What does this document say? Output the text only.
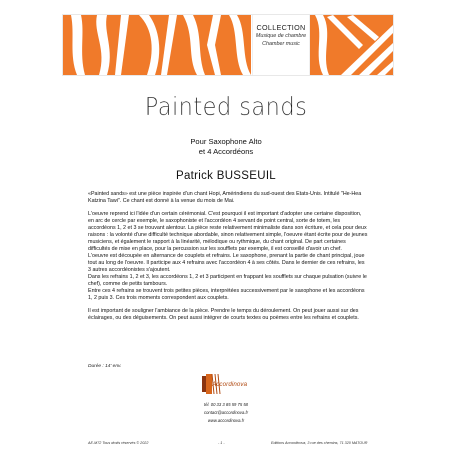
COLLECTION
Musique de chambre
Chamber music
Painted sands
Pour Saxophone Alto
et 4 Accordéons
Patrick BUSSEUIL

«Painted sands» est une pièce inspirée d'un chant Hopi, Amérindiens du sud-ouest des Etats-Unis. Intitulé "He-Hea Katzina Tawi". Ce chant est donné à la venue du mois de Mai.

L'oeuvre reprend ici l'idée d'un certain cérémonial. C'est pourquoi il est important d'adopter une certaine disposition, en arc de cercle par exemple, le saxophoniste et l'accordéon 4 servant de point central, sorte de totem, les accordéons 1, 2 et 3 se trouvant alentour. La pièce reste relativement minimaliste dans son écriture, et cela pour deux raisons : la volonté d'une difficulté technique abordable, sinon relativement simple, l'oeuvre étant écrite pour de jeunes musiciens, et également le rapport à la linéarité, mélodique ou rythmique, du chant original. De part certaines difficultés de mise en place, pour la percussion sur les soufflets par exemple, il est conseillé d'avoir un chef.

L'oeuvre est découpée en alternance de couplets et refrains. Le saxophone, prenant la partie de chant principal, joue tout au long de l'oeuvre. Il participe aux 4 refrains avec l'accordéon 4 à ses côtés. Dans le dernier de ces refrains, les 3 autres accordéonistes s'ajoutent.

Dans les refrains 1, 2 et 3, les accordéons 1, 2 et 3 participent en frappant les soufflets sur chaque pulsation (suivre le chef), comme de petits tambours.

Entre ces 4 refrains se trouvent trois petites pièces, interprétées successivement par le saxophone et les accordéons 1, 2 puis 3. Ces trois moments correspondent aux couplets.

Il est important de souligner l'ambiance de la pièce. Prendre le temps du déroulement. On peut jouer aussi sur des éclairages, ou des déguisements. On peut aussi intégrer de courts textes ou poèmes entre les refrains et couplets.

Durée : 14' env.
Accordinova
tél. 00 33 3 85 59 75 58
contact@accordinova.fr
www.accordinova.fr
AE-M72 Tous droits réservés © 2022	- 1 -	Editions Accordinova, 3 rue des chemins, 71 320 MATOUR
